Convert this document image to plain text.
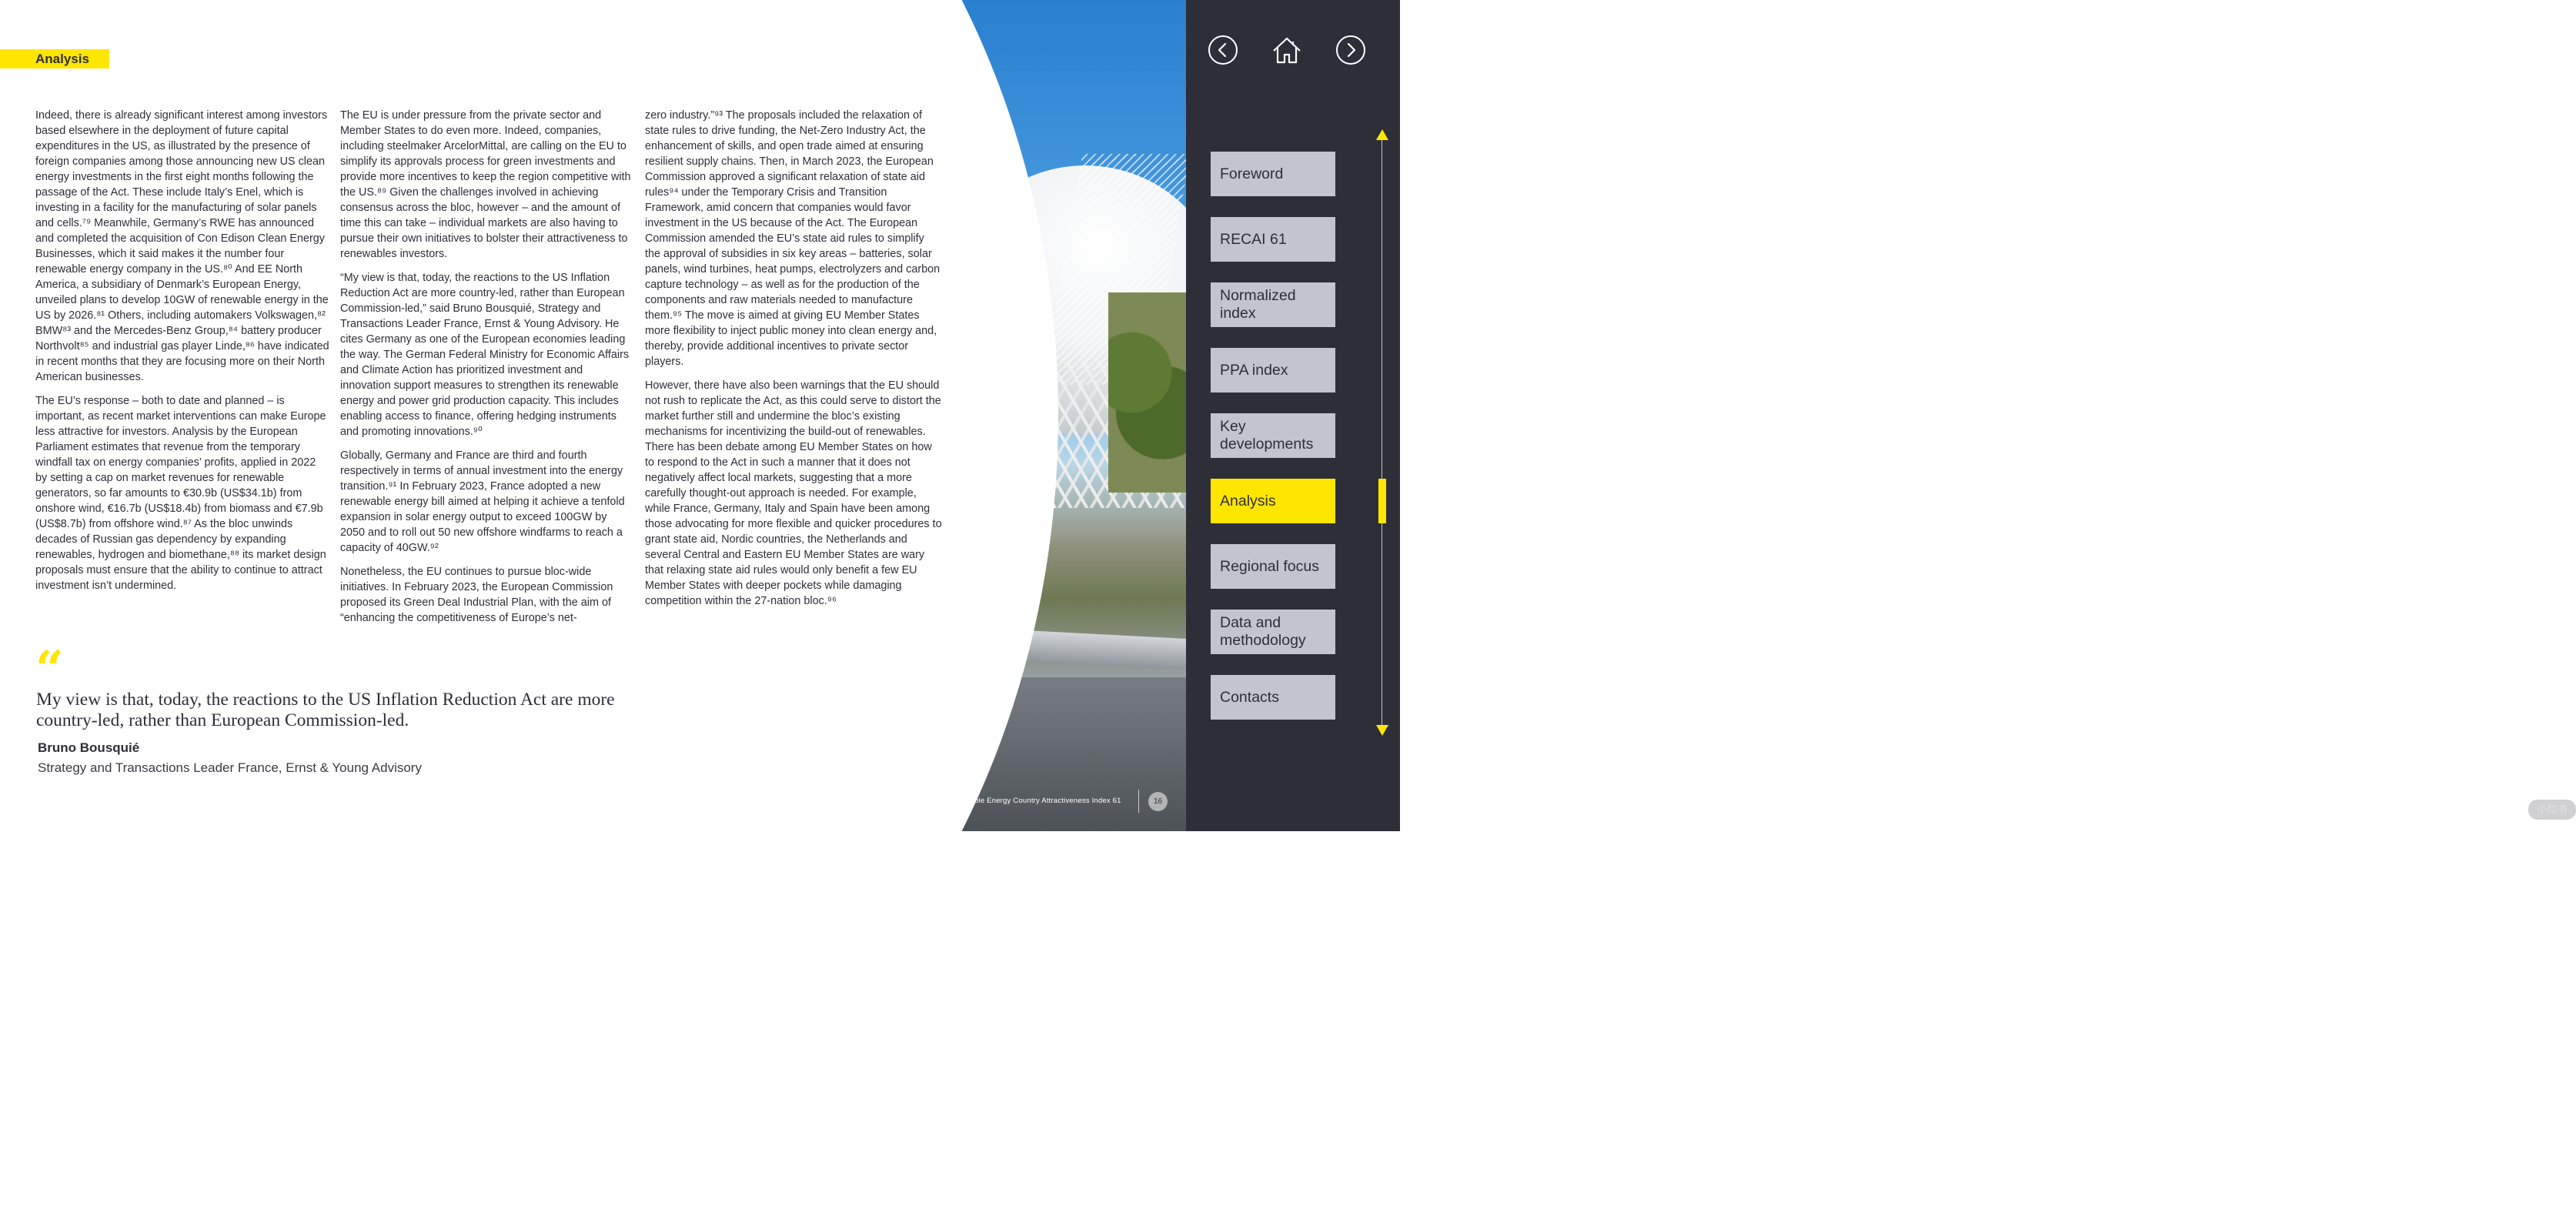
Analysis

Indeed, there is already significant interest among investors based elsewhere in the deployment of future capital expenditures in the US, as illustrated by the presence of foreign companies among those announcing new US clean energy investments in the first eight months following the passage of the Act. These include Italy’s Enel, which is investing in a facility for the manufacturing of solar panels and cells.⁷⁹ Meanwhile, Germany’s RWE has announced and completed the acquisition of Con Edison Clean Energy Businesses, which it said makes it the number four renewable energy company in the US.⁸⁰ And EE North America, a subsidiary of Denmark’s European Energy, unveiled plans to develop 10GW of renewable energy in the US by 2026.⁸¹ Others, including automakers Volkswagen,⁸² BMW⁸³ and the Mercedes-Benz Group,⁸⁴ battery producer Northvolt⁸⁵ and industrial gas player Linde,⁸⁶ have indicated in recent months that they are focusing more on their North American businesses.

The EU’s response – both to date and planned – is important, as recent market interventions can make Europe less attractive for investors. Analysis by the European Parliament estimates that revenue from the temporary windfall tax on energy companies’ profits, applied in 2022 by setting a cap on market revenues for renewable generators, so far amounts to €30.9b (US$34.1b) from onshore wind, €16.7b (US$18.4b) from biomass and €7.9b (US$8.7b) from offshore wind.⁸⁷ As the bloc unwinds decades of Russian gas dependency by expanding renewables, hydrogen and biomethane,⁸⁸ its market design proposals must ensure that the ability to continue to attract investment isn’t undermined.

The EU is under pressure from the private sector and Member States to do even more. Indeed, companies, including steelmaker ArcelorMittal, are calling on the EU to simplify its approvals process for green investments and provide more incentives to keep the region competitive with the US.⁸⁹ Given the challenges involved in achieving consensus across the bloc, however – and the amount of time this can take – individual markets are also having to pursue their own initiatives to bolster their attractiveness to renewables investors.

“My view is that, today, the reactions to the US Inflation Reduction Act are more country-led, rather than European Commission-led,” said Bruno Bousquié, Strategy and Transactions Leader France, Ernst & Young Advisory. He cites Germany as one of the European economies leading the way. The German Federal Ministry for Economic Affairs and Climate Action has prioritized investment and innovation support measures to strengthen its renewable energy and power grid production capacity. This includes enabling access to finance, offering hedging instruments and promoting innovations.⁹⁰

Globally, Germany and France are third and fourth respectively in terms of annual investment into the energy transition.⁹¹ In February 2023, France adopted a new renewable energy bill aimed at helping it achieve a tenfold expansion in solar energy output to exceed 100GW by 2050 and to roll out 50 new offshore windfarms to reach a capacity of 40GW.⁹²

Nonetheless, the EU continues to pursue bloc-wide initiatives. In February 2023, the European Commission proposed its Green Deal Industrial Plan, with the aim of “enhancing the competitiveness of Europe’s net-

zero industry.”⁹³ The proposals included the relaxation of state rules to drive funding, the Net-Zero Industry Act, the enhancement of skills, and open trade aimed at ensuring resilient supply chains. Then, in March 2023, the European Commission approved a significant relaxation of state aid rules⁹⁴ under the Temporary Crisis and Transition Framework, amid concern that companies would favor investment in the US because of the Act. The European Commission amended the EU’s state aid rules to simplify the approval of subsidies in six key areas – batteries, solar panels, wind turbines, heat pumps, electrolyzers and carbon capture technology – as well as for the production of the components and raw materials needed to manufacture them.⁹⁵ The move is aimed at giving EU Member States more flexibility to inject public money into clean energy and, thereby, provide additional incentives to private sector players.

However, there have also been warnings that the EU should not rush to replicate the Act, as this could serve to distort the market further still and undermine the bloc’s existing mechanisms for incentivizing the build-out of renewables. There has been debate among EU Member States on how to respond to the Act in such a manner that it does not negatively affect local markets, suggesting that a more carefully thought-out approach is needed. For example, while France, Germany, Italy and Spain have been among those advocating for more flexible and quicker procedures to grant state aid, Nordic countries, the Netherlands and several Central and Eastern EU Member States are wary that relaxing state aid rules would only benefit a few EU Member States with deeper pockets while damaging competition within the 27-nation bloc.⁹⁶

“
My view is that, today, the reactions to the US Inflation Reduction Act are more country-led, rather than European Commission-led.
Bruno Bousquié
Strategy and Transactions Leader France, Ernst & Young Advisory
Renewable Energy Country Attractiveness Index 61	16
Foreword
RECAI 61
Normalized index
PPA index
Key developments
Analysis
Regional focus
Data and methodology
Contacts
小红书
